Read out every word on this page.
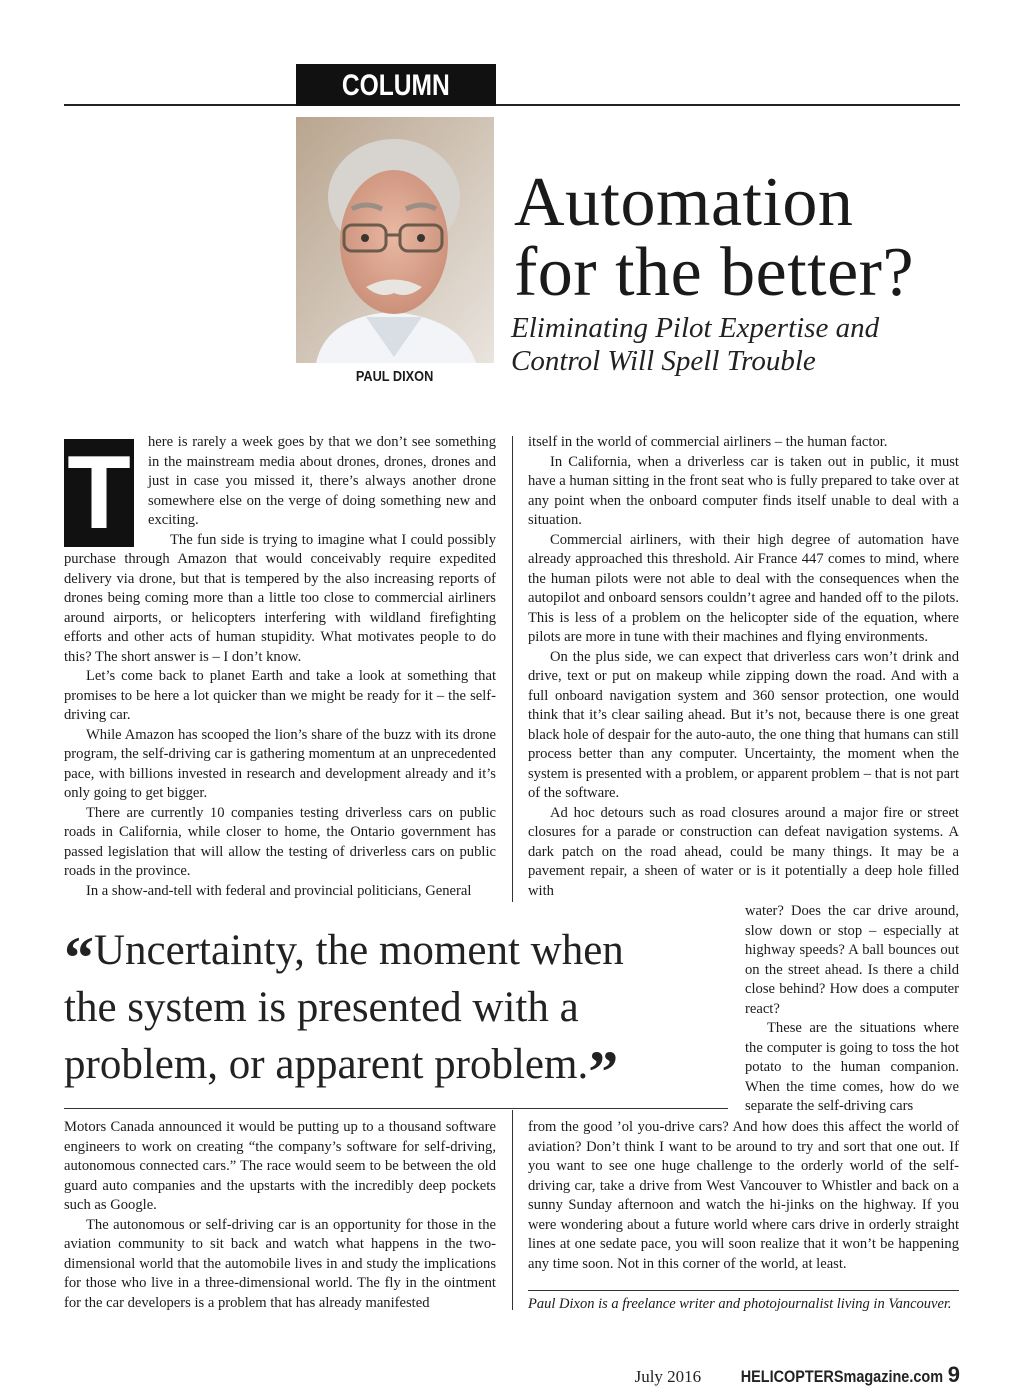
COLUMN
PAUL DIXON
Automation
for the better?
Eliminating Pilot Expertise and
Control Will Spell Trouble
T	here is rarely a week goes by that we don’t see something in the mainstream media about drones, drones, drones and just in case you missed it, there’s always another drone somewhere else on the verge of doing something new and exciting.

The fun side is trying to imagine what I could possibly purchase through Amazon that would conceivably require expedited delivery via drone, but that is tempered by the also increasing reports of drones being coming more than a little too close to commercial airliners around airports, or helicopters interfering with wildland firefighting efforts and other acts of human stupidity. What motivates people to do this? The short answer is – I don’t know.

Let’s come back to planet Earth and take a look at something that promises to be here a lot quicker than we might be ready for it – the self-driving car.

While Amazon has scooped the lion’s share of the buzz with its drone program, the self-driving car is gathering momentum at an unprecedented pace, with billions invested in research and development already and it’s only going to get bigger.

There are currently 10 companies testing driverless cars on public roads in California, while closer to home, the Ontario government has passed legislation that will allow the testing of driverless cars on public roads in the province.

In a show-and-tell with federal and provincial politicians, General

itself in the world of commercial airliners – the human factor.

In California, when a driverless car is taken out in public, it must have a human sitting in the front seat who is fully prepared to take over at any point when the onboard computer finds itself unable to deal with a situation.

Commercial airliners, with their high degree of automation have already approached this threshold. Air France 447 comes to mind, where the human pilots were not able to deal with the consequences when the autopilot and onboard sensors couldn’t agree and handed off to the pilots. This is less of a problem on the helicopter side of the equation, where pilots are more in tune with their machines and flying environments.

On the plus side, we can expect that driverless cars won’t drink and drive, text or put on makeup while zipping down the road. And with a full onboard navigation system and 360 sensor protection, one would think that it’s clear sailing ahead. But it’s not, because there is one great black hole of despair for the auto-auto, the one thing that humans can still process better than any computer. Uncertainty, the moment when the system is presented with a problem, or apparent problem – that is not part of the software.

Ad hoc detours such as road closures around a major fire or street closures for a parade or construction can defeat navigation systems. A dark patch on the road ahead, could be many things. It may be a pavement repair, a sheen of water or is it potentially a deep hole filled with

water? Does the car drive around, slow down or stop – especially at highway speeds? A ball bounces out on the street ahead. Is there a child close behind? How does a computer react?

These are the situations where the computer is going to toss the hot potato to the human companion. When the time comes, how do we separate the self-driving cars

“Uncertainty, the moment when the system is presented with a problem, or apparent problem.”

Motors Canada announced it would be putting up to a thousand software engineers to work on creating “the company’s software for self-driving, autonomous connected cars.” The race would seem to be between the old guard auto companies and the upstarts with the incredibly deep pockets such as Google.

The autonomous or self-driving car is an opportunity for those in the aviation community to sit back and watch what happens in the two-dimensional world that the automobile lives in and study the implications for those who live in a three-dimensional world. The fly in the ointment for the car developers is a problem that has already manifested

from the good ’ol you-drive cars? And how does this affect the world of aviation? Don’t think I want to be around to try and sort that one out. If you want to see one huge challenge to the orderly world of the self-driving car, take a drive from West Vancouver to Whistler and back on a sunny Sunday afternoon and watch the hi-jinks on the highway. If you were wondering about a future world where cars drive in orderly straight lines at one sedate pace, you will soon realize that it won’t be happening any time soon. Not in this corner of the world, at least.

Paul Dixon is a freelance writer and photojournalist living in Vancouver.
July 2016 HELICOPTERSmagazine.com 9
